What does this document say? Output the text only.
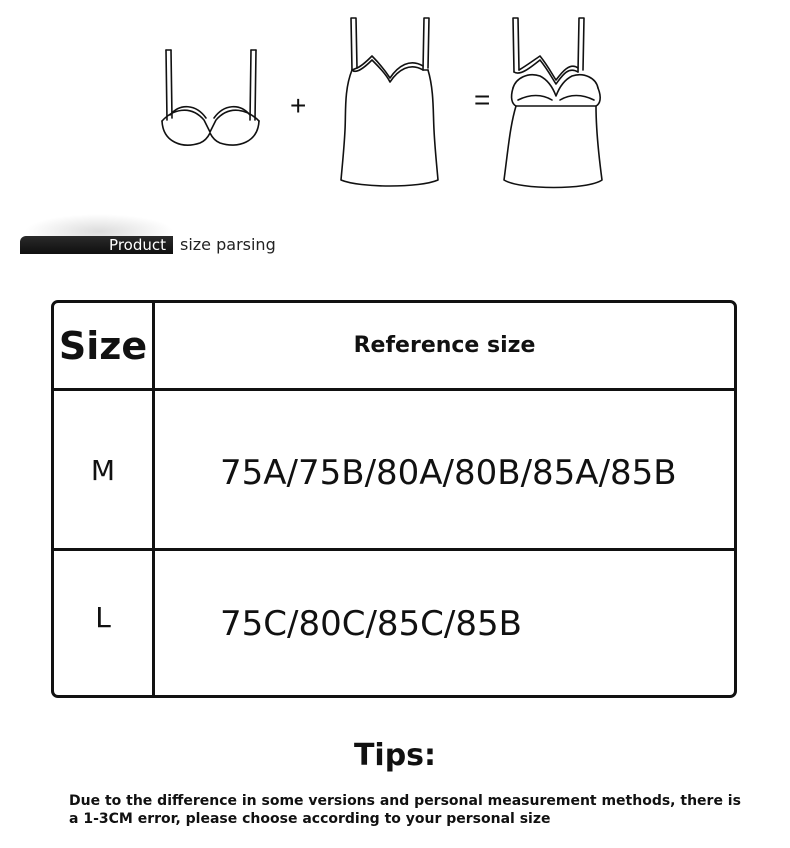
+	=
Product size parsing
Size	Reference size
M	75A/75B/80A/80B/85A/85B
L	75C/80C/85C/85B
Tips:
Due to the difference in some versions and personal measurement methods, there is a 1-3CM error, please choose according to your personal size
